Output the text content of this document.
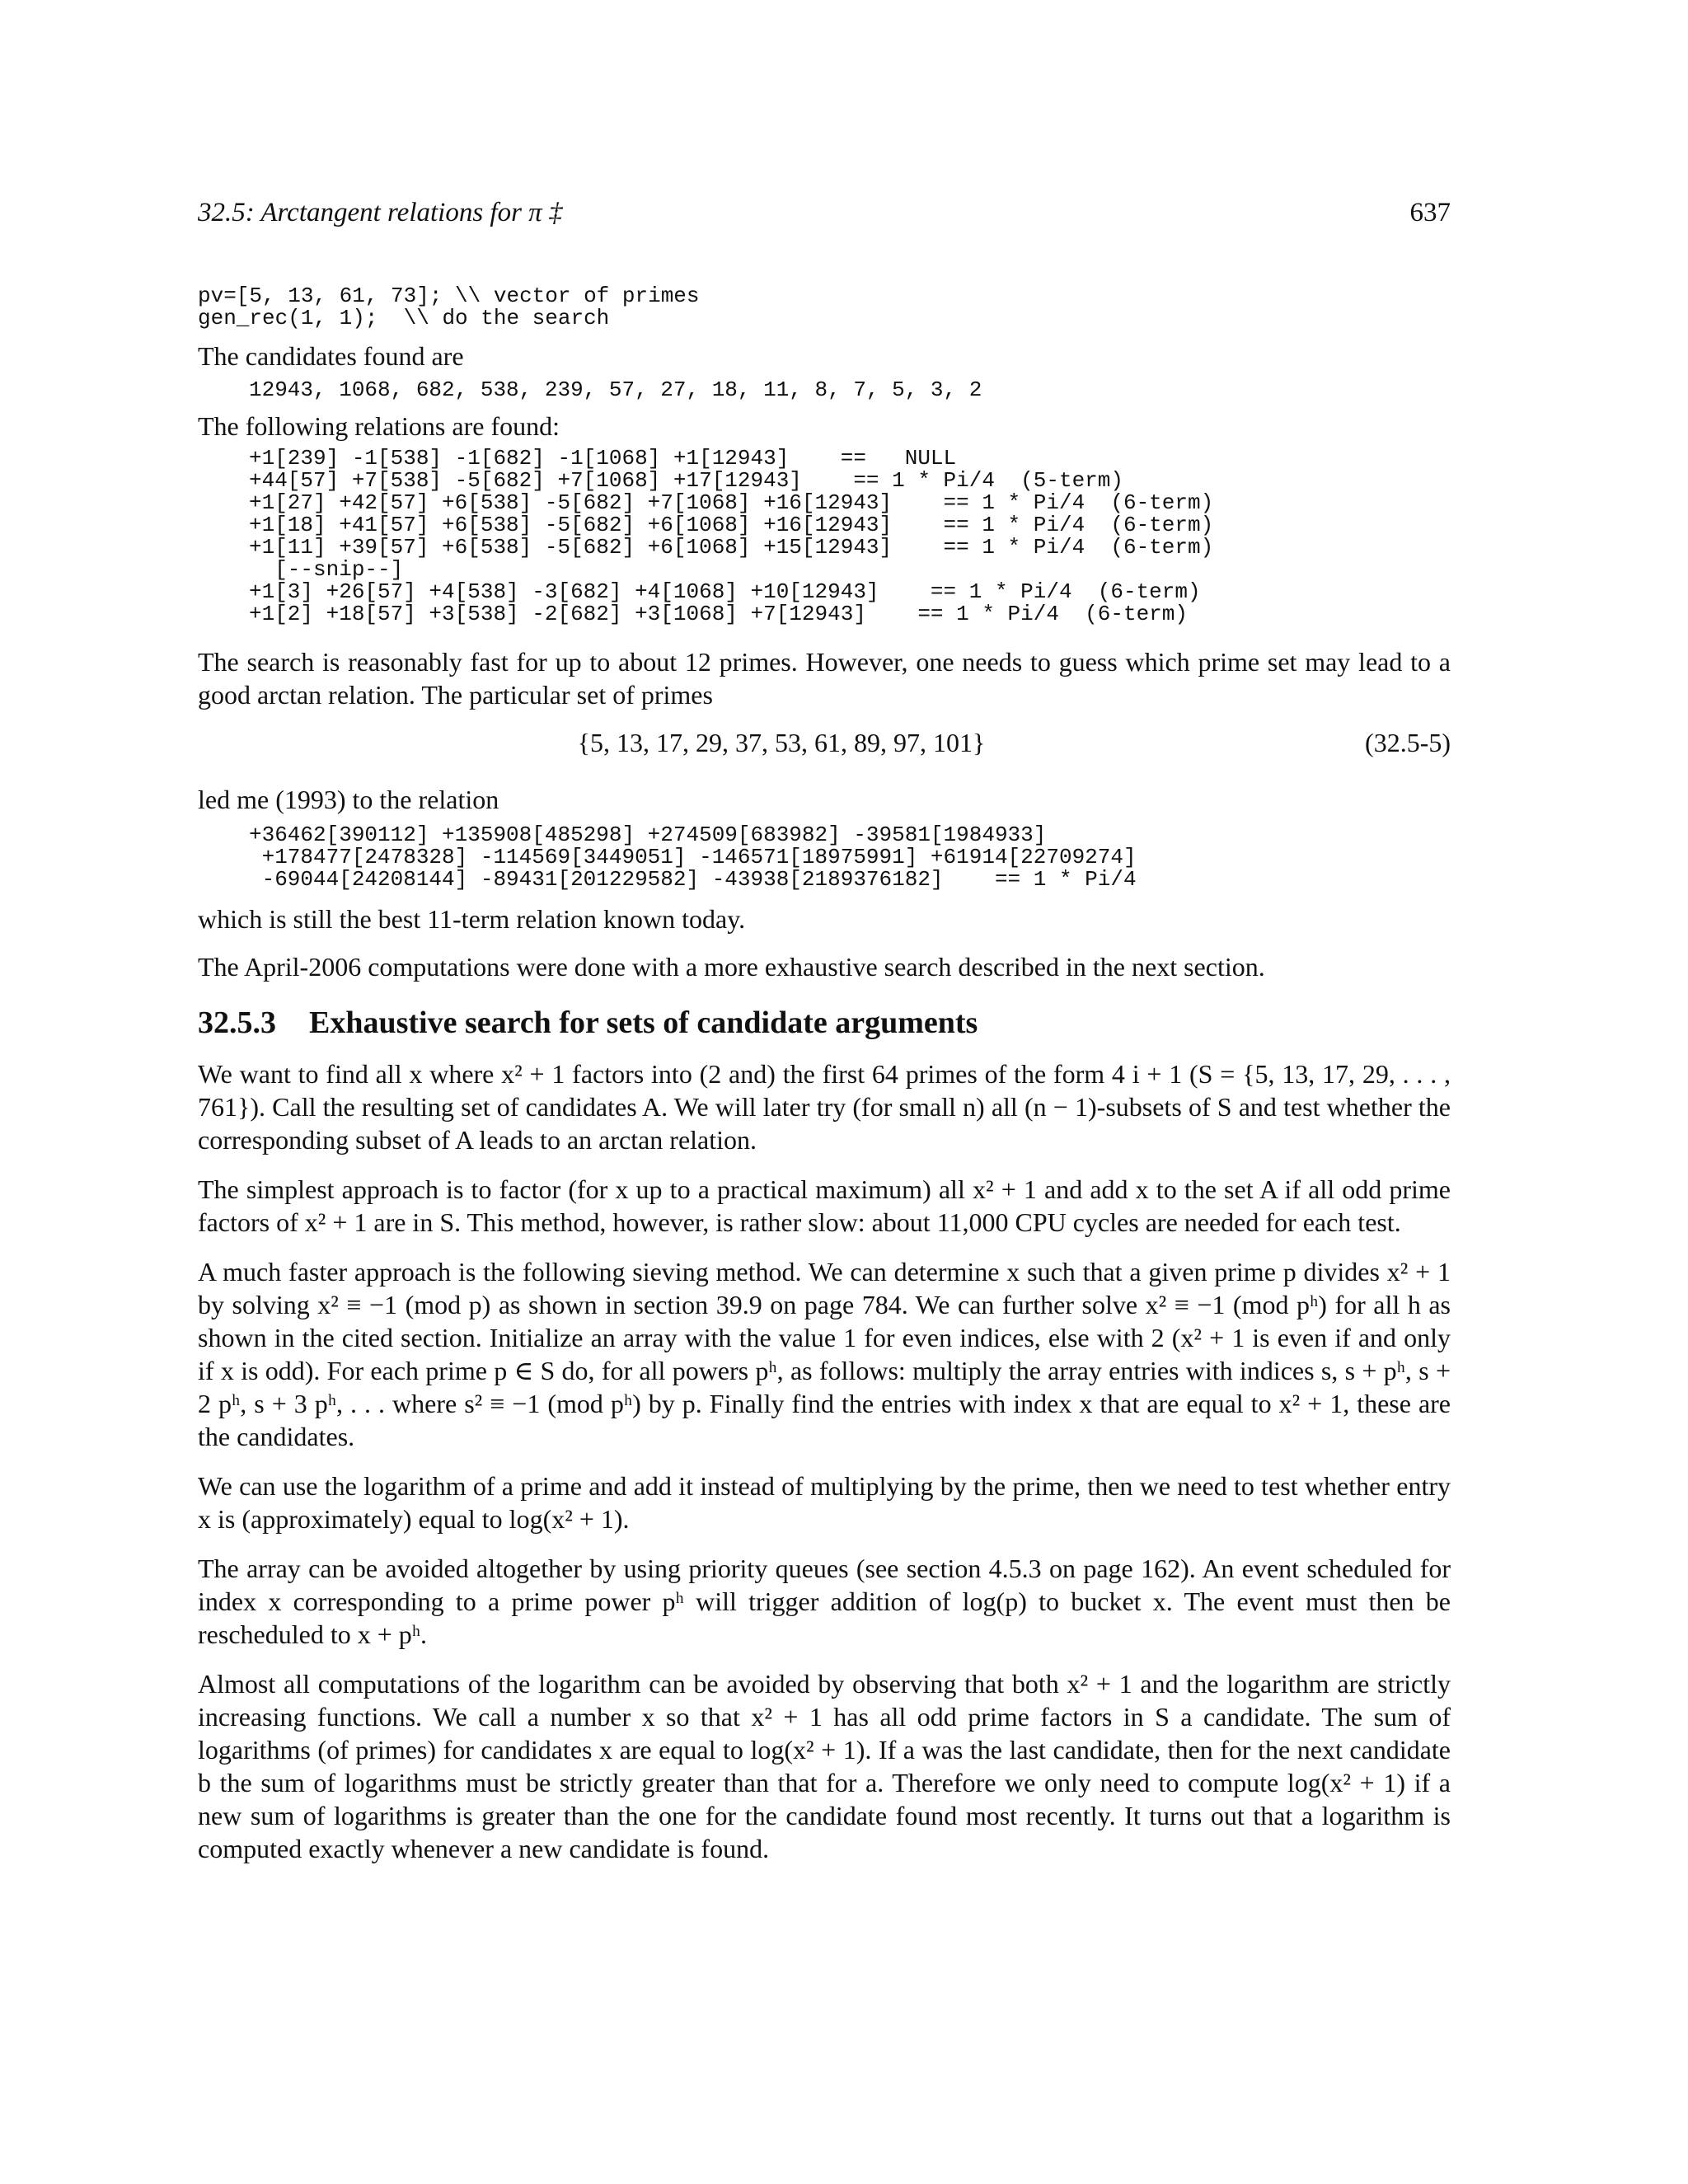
32.5: Arctangent relations for π ‡	637
pv=[5, 13, 61, 73]; \\ vector of primes
gen_rec(1, 1);  \\ do the search

The candidates found are

12943, 1068, 682, 538, 239, 57, 27, 18, 11, 8, 7, 5, 3, 2

The following relations are found:

+1[239] -1[538] -1[682] -1[1068] +1[12943]    ==   NULL
+44[57] +7[538] -5[682] +7[1068] +17[12943]    == 1 * Pi/4  (5-term)
+1[27] +42[57] +6[538] -5[682] +7[1068] +16[12943]    == 1 * Pi/4  (6-term)
+1[18] +41[57] +6[538] -5[682] +6[1068] +16[12943]    == 1 * Pi/4  (6-term)
+1[11] +39[57] +6[538] -5[682] +6[1068] +15[12943]    == 1 * Pi/4  (6-term)
[--snip--]
+1[3] +26[57] +4[538] -3[682] +4[1068] +10[12943]    == 1 * Pi/4  (6-term)
+1[2] +18[57] +3[538] -2[682] +3[1068] +7[12943]    == 1 * Pi/4  (6-term)

The search is reasonably fast for up to about 12 primes. However, one needs to guess which prime set may lead to a good arctan relation. The particular set of primes

{5, 13, 17, 29, 37, 53, 61, 89, 97, 101}	(32.5-5)

led me (1993) to the relation

+36462[390112] +135908[485298] +274509[683982] -39581[1984933]
+178477[2478328] -114569[3449051] -146571[18975991] +61914[22709274]
-69044[24208144] -89431[201229582] -43938[2189376182]    == 1 * Pi/4

which is still the best 11-term relation known today.

The April-2006 computations were done with a more exhaustive search described in the next section.

32.5.3 Exhaustive search for sets of candidate arguments

We want to find all x where x² + 1 factors into (2 and) the first 64 primes of the form 4 i + 1 (S = {5, 13, 17, 29, . . . , 761}). Call the resulting set of candidates A. We will later try (for small n) all (n − 1)-subsets of S and test whether the corresponding subset of A leads to an arctan relation.

The simplest approach is to factor (for x up to a practical maximum) all x² + 1 and add x to the set A if all odd prime factors of x² + 1 are in S. This method, however, is rather slow: about 11,000 CPU cycles are needed for each test.

A much faster approach is the following sieving method. We can determine x such that a given prime p divides x² + 1 by solving x² ≡ −1 (mod p) as shown in section 39.9 on page 784. We can further solve x² ≡ −1 (mod pʰ) for all h as shown in the cited section. Initialize an array with the value 1 for even indices, else with 2 (x² + 1 is even if and only if x is odd). For each prime p ∈ S do, for all powers pʰ, as follows: multiply the array entries with indices s, s + pʰ, s + 2 pʰ, s + 3 pʰ, . . . where s² ≡ −1 (mod pʰ) by p. Finally find the entries with index x that are equal to x² + 1, these are the candidates.

We can use the logarithm of a prime and add it instead of multiplying by the prime, then we need to test whether entry x is (approximately) equal to log(x² + 1).

The array can be avoided altogether by using priority queues (see section 4.5.3 on page 162). An event scheduled for index x corresponding to a prime power pʰ will trigger addition of log(p) to bucket x. The event must then be rescheduled to x + pʰ.

Almost all computations of the logarithm can be avoided by observing that both x² + 1 and the logarithm are strictly increasing functions. We call a number x so that x² + 1 has all odd prime factors in S a candidate. The sum of logarithms (of primes) for candidates x are equal to log(x² + 1). If a was the last candidate, then for the next candidate b the sum of logarithms must be strictly greater than that for a. Therefore we only need to compute log(x² + 1) if a new sum of logarithms is greater than the one for the candidate found most recently. It turns out that a logarithm is computed exactly whenever a new candidate is found.
